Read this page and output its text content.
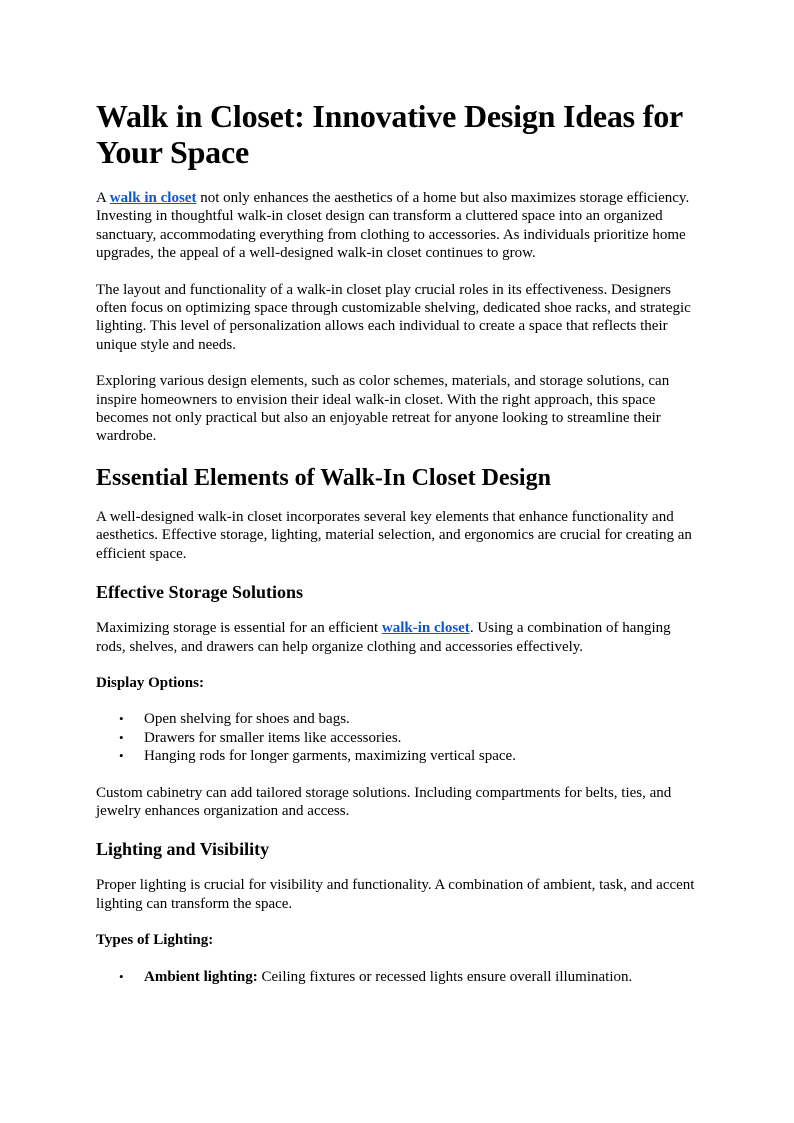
Walk in Closet: Innovative Design Ideas for Your Space

A walk in closet not only enhances the aesthetics of a home but also maximizes storage efficiency. Investing in thoughtful walk-in closet design can transform a cluttered space into an organized sanctuary, accommodating everything from clothing to accessories. As individuals prioritize home upgrades, the appeal of a well-designed walk-in closet continues to grow.

The layout and functionality of a walk-in closet play crucial roles in its effectiveness. Designers often focus on optimizing space through customizable shelving, dedicated shoe racks, and strategic lighting. This level of personalization allows each individual to create a space that reflects their unique style and needs.

Exploring various design elements, such as color schemes, materials, and storage solutions, can inspire homeowners to envision their ideal walk-in closet. With the right approach, this space becomes not only practical but also an enjoyable retreat for anyone looking to streamline their wardrobe.

Essential Elements of Walk-In Closet Design

A well-designed walk-in closet incorporates several key elements that enhance functionality and aesthetics. Effective storage, lighting, material selection, and ergonomics are crucial for creating an efficient space.

Effective Storage Solutions

Maximizing storage is essential for an efficient walk-in closet. Using a combination of hanging rods, shelves, and drawers can help organize clothing and accessories effectively.

Display Options:

• Open shelving for shoes and bags.
• Drawers for smaller items like accessories.
• Hanging rods for longer garments, maximizing vertical space.

Custom cabinetry can add tailored storage solutions. Including compartments for belts, ties, and jewelry enhances organization and access.

Lighting and Visibility

Proper lighting is crucial for visibility and functionality. A combination of ambient, task, and accent lighting can transform the space.

Types of Lighting:

• Ambient lighting: Ceiling fixtures or recessed lights ensure overall illumination.
